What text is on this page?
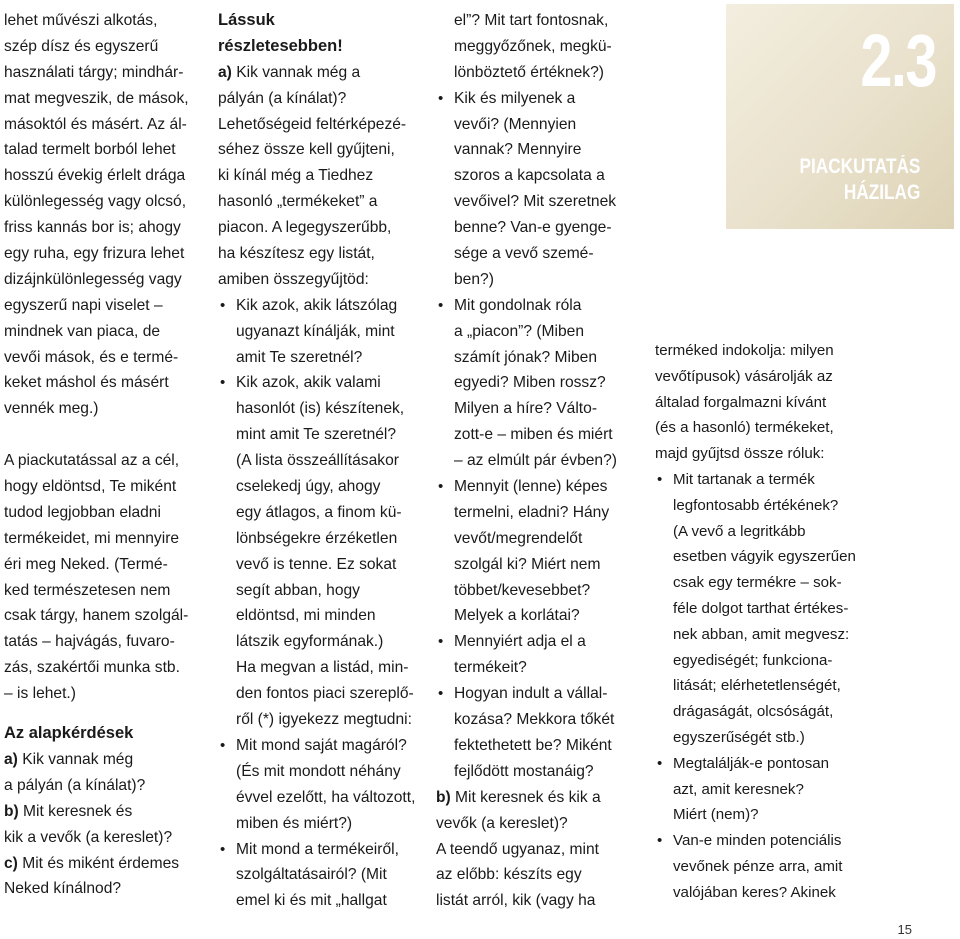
lehet művészi alkotás,
szép dísz és egyszerű
használati tárgy; mindhár-
mat megveszik, de mások,
másoktól és másért. Az ál-
talad termelt borból lehet
hosszú évekig érlelt drága
különlegesség vagy olcsó,
friss kannás bor is; ahogy
egy ruha, egy frizura lehet
dizájnkülönlegesség vagy
egyszerű napi viselet –
mindnek van piaca, de
vevői mások, és e termé-
keket máshol és másért
vennék meg.)
A piackutatással az a cél,
hogy eldöntsd, Te miként
tudod legjobban eladni
termékeidet, mi mennyire
éri meg Neked. (Termé-
ked természetesen nem
csak tárgy, hanem szolgál-
tatás – hajvágás, fuvaro-
zás, szakértői munka stb.
– is lehet.)
Az alapkérdések
a) Kik vannak még
a pályán (a kínálat)?
b) Mit keresnek és
kik a vevők (a kereslet)?
c) Mit és miként érdemes
Neked kínálnod?
Lássuk
részletesebben!
a) Kik vannak még a
pályán (a kínálat)?
Lehetőségeid feltérképezé-
séhez össze kell gyűjteni,
ki kínál még a Tiedhez
hasonló „termékeket” a
piacon. A legegyszerűbb,
ha készítesz egy listát,
amiben összegyűjtöd:
• Kik azok, akik látszólag
ugyanazt kínálják, mint
amit Te szeretnél?
• Kik azok, akik valami
hasonlót (is) készítenek,
mint amit Te szeretnél?
(A lista összeállításakor
cselekedj úgy, ahogy
egy átlagos, a finom kü-
lönbségekre érzéketlen
vevő is tenne. Ez sokat
segít abban, hogy
eldöntsd, mi minden
látszik egyformának.)
Ha megvan a listád, min-
den fontos piaci szereplő-
ről (*) igyekezz megtudni:
• Mit mond saját magáról?
(És mit mondott néhány
évvel ezelőtt, ha változott,
miben és miért?)
• Mit mond a termékeiről,
szolgáltatásairól? (Mit
emel ki és mit „hallgat
el”? Mit tart fontosnak,
meggyőzőnek, megkü-
lönböztető értéknek?)
• Kik és milyenek a
vevői? (Mennyien
vannak? Mennyire
szoros a kapcsolata a
vevőivel? Mit szeretnek
benne? Van-e gyenge-
sége a vevő szemé-
ben?)
• Mit gondolnak róla
a „piacon”? (Miben
számít jónak? Miben
egyedi? Miben rossz?
Milyen a híre? Válto-
zott-e – miben és miért
– az elmúlt pár évben?)
• Mennyit (lenne) képes
termelni, eladni? Hány
vevőt/megrendelőt
szolgál ki? Miért nem
többet/kevesebbet?
Melyek a korlátai?
• Mennyiért adja el a
termékeit?
• Hogyan indult a vállal-
kozása? Mekkora tőkét
fektethetett be? Miként
fejlődött mostanáig?
b) Mit keresnek és kik a
vevők (a kereslet)?
A teendő ugyanaz, mint
az előbb: készíts egy
listát arról, kik (vagy ha
terméked indokolja: milyen
vevőtípusok) vásárolják az
általad forgalmazni kívánt
(és a hasonló) termékeket,
majd gyűjtsd össze róluk:
• Mit tartanak a termék
legfontosabb értékének?
(A vevő a legritkább
esetben vágyik egyszerűen
csak egy termékre – sok-
féle dolgot tarthat értékes-
nek abban, amit megvesz:
egyediségét; funkciona-
litását; elérhetetlenségét,
drágaságát, olcsóságát,
egyszerűségét stb.)
• Megtalálják-e pontosan
azt, amit keresnek?
Miért (nem)?
• Van-e minden potenciális
vevőnek pénze arra, amit
valójában keres? Akinek
2.3
PIACKUTATÁS
HÁZILAG
15
